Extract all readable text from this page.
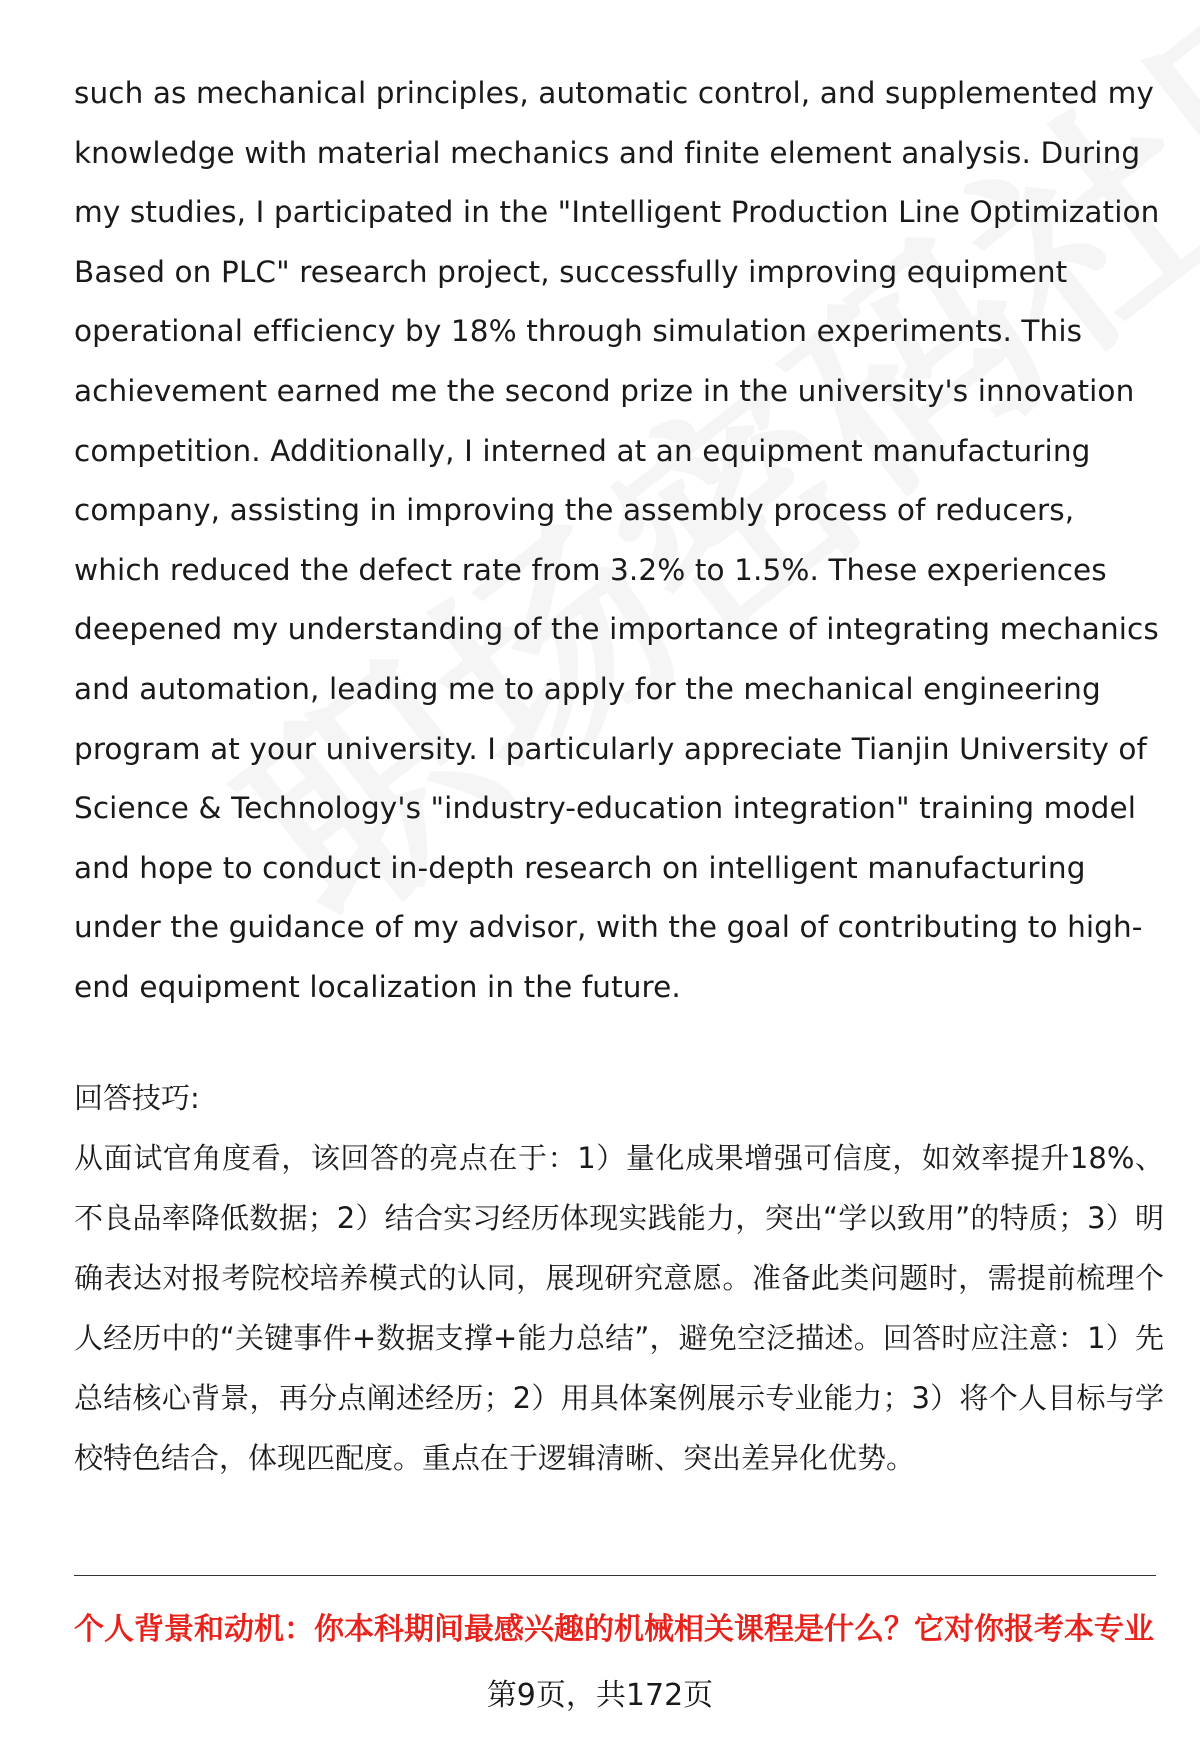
such as mechanical principles, automatic control, and supplemented my knowledge with material mechanics and finite element analysis. During my studies, I participated in the "Intelligent Production Line Optimization Based on PLC" research project, successfully improving equipment operational efficiency by 18% through simulation experiments. This achievement earned me the second prize in the university's innovation competition. Additionally, I interned at an equipment manufacturing company, assisting in improving the assembly process of reducers, which reduced the defect rate from 3.2% to 1.5%. These experiences deepened my understanding of the importance of integrating mechanics and automation, leading me to apply for the mechanical engineering program at your university. I particularly appreciate Tianjin University of Science & Technology's "industry-education integration" training model and hope to conduct in-depth research on intelligent manufacturing under the guidance of my advisor, with the goal of contributing to high-end equipment localization in the future.

回答技巧:

从面试官角度看，该回答的亮点在于：1）量化成果增强可信度，如效率提升18%、不良品率降低数据；2）结合实习经历体现实践能力，突出“学以致用”的特质；3）明确表达对报考院校培养模式的认同，展现研究意愿。准备此类问题时，需提前梳理个人经历中的“关键事件+数据支撑+能力总结”，避免空泛描述。回答时应注意：1）先总结核心背景，再分点阐述经历；2）用具体案例展示专业能力；3）将个人目标与学校特色结合，体现匹配度。重点在于逻辑清晰、突出差异化优势。

个人背景和动机：你本科期间最感兴趣的机械相关课程是什么？它对你报考本专业
第9页，共172页
